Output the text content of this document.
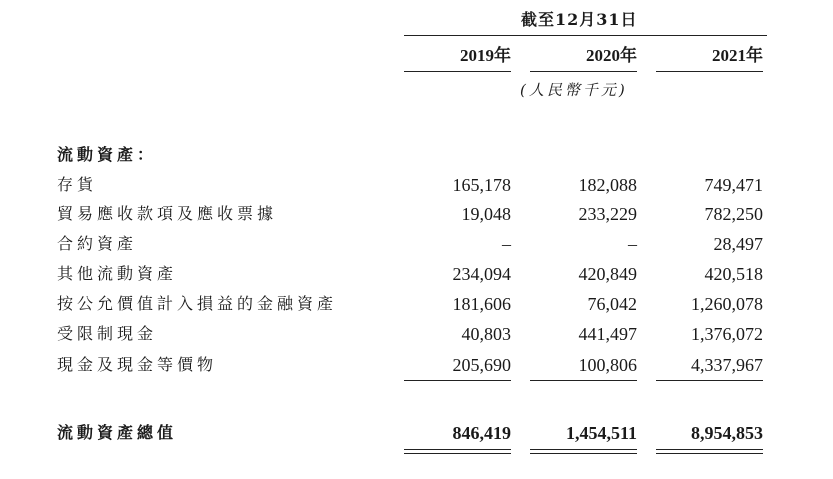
截至12月31日
2019年	2020年	2021年
(人民幣千元)
流動資產：
存貨	165,178	182,088	749,471
貿易應收款項及應收票據	19,048	233,229	782,250
合約資產	–	–	28,497
其他流動資產	234,094	420,849	420,518
按公允價值計入損益的金融資產	181,606	76,042	1,260,078
受限制現金	40,803	441,497	1,376,072
現金及現金等價物	205,690	100,806	4,337,967
流動資產總值	846,419	1,454,511	8,954,853
